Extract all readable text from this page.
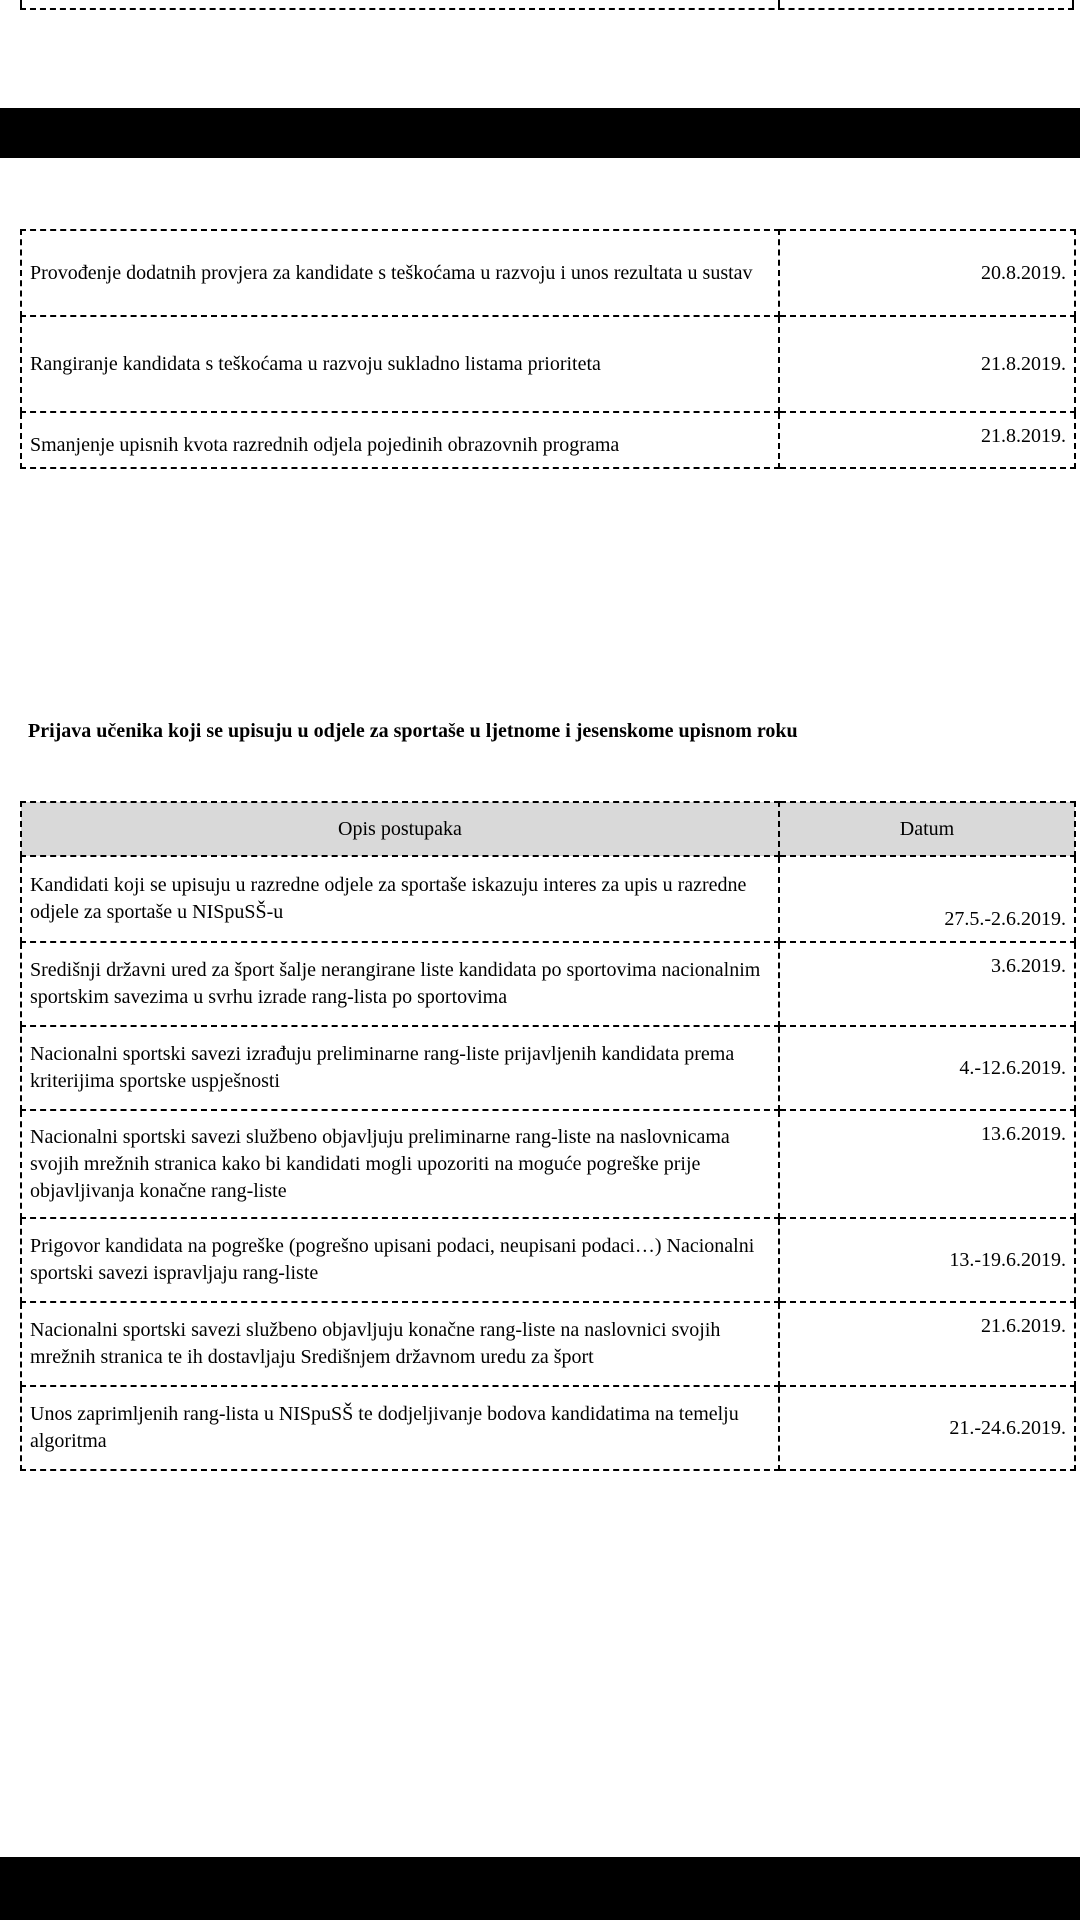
Provođenje dodatnih provjera za kandidate s teškoćama u razvoju i unos rezultata u sustav	20.8.2019.
Rangiranje kandidata s teškoćama u razvoju sukladno listama prioriteta	21.8.2019.
Smanjenje upisnih kvota razrednih odjela pojedinih obrazovnih programa	21.8.2019.

Prijava učenika koji se upisuju u odjele za sportaše u ljetnome i jesenskome upisnom roku

Opis postupaka	Datum
Kandidati koji se upisuju u razredne odjele za sportaše iskazuju interes za upis u razredne odjele za sportaše u NISpuSŠ-u	27.5.-2.6.2019.
Središnji državni ured za šport šalje nerangirane liste kandidata po sportovima nacionalnim sportskim savezima u svrhu izrade rang-lista po sportovima	3.6.2019.
Nacionalni sportski savezi izrađuju preliminarne rang-liste prijavljenih kandidata prema kriterijima sportske uspješnosti	4.-12.6.2019.
Nacionalni sportski savezi službeno objavljuju preliminarne rang-liste na naslovnicama svojih mrežnih stranica kako bi kandidati mogli upozoriti na moguće pogreške prije objavljivanja konačne rang-liste	13.6.2019.
Prigovor kandidata na pogreške (pogrešno upisani podaci, neupisani podaci…) Nacionalni sportski savezi ispravljaju rang-liste	13.-19.6.2019.
Nacionalni sportski savezi službeno objavljuju konačne rang-liste na naslovnici svojih mrežnih stranica te ih dostavljaju Središnjem državnom uredu za šport	21.6.2019.
Unos zaprimljenih rang-lista u NISpuSŠ te dodjeljivanje bodova kandidatima na temelju algoritma	21.-24.6.2019.
